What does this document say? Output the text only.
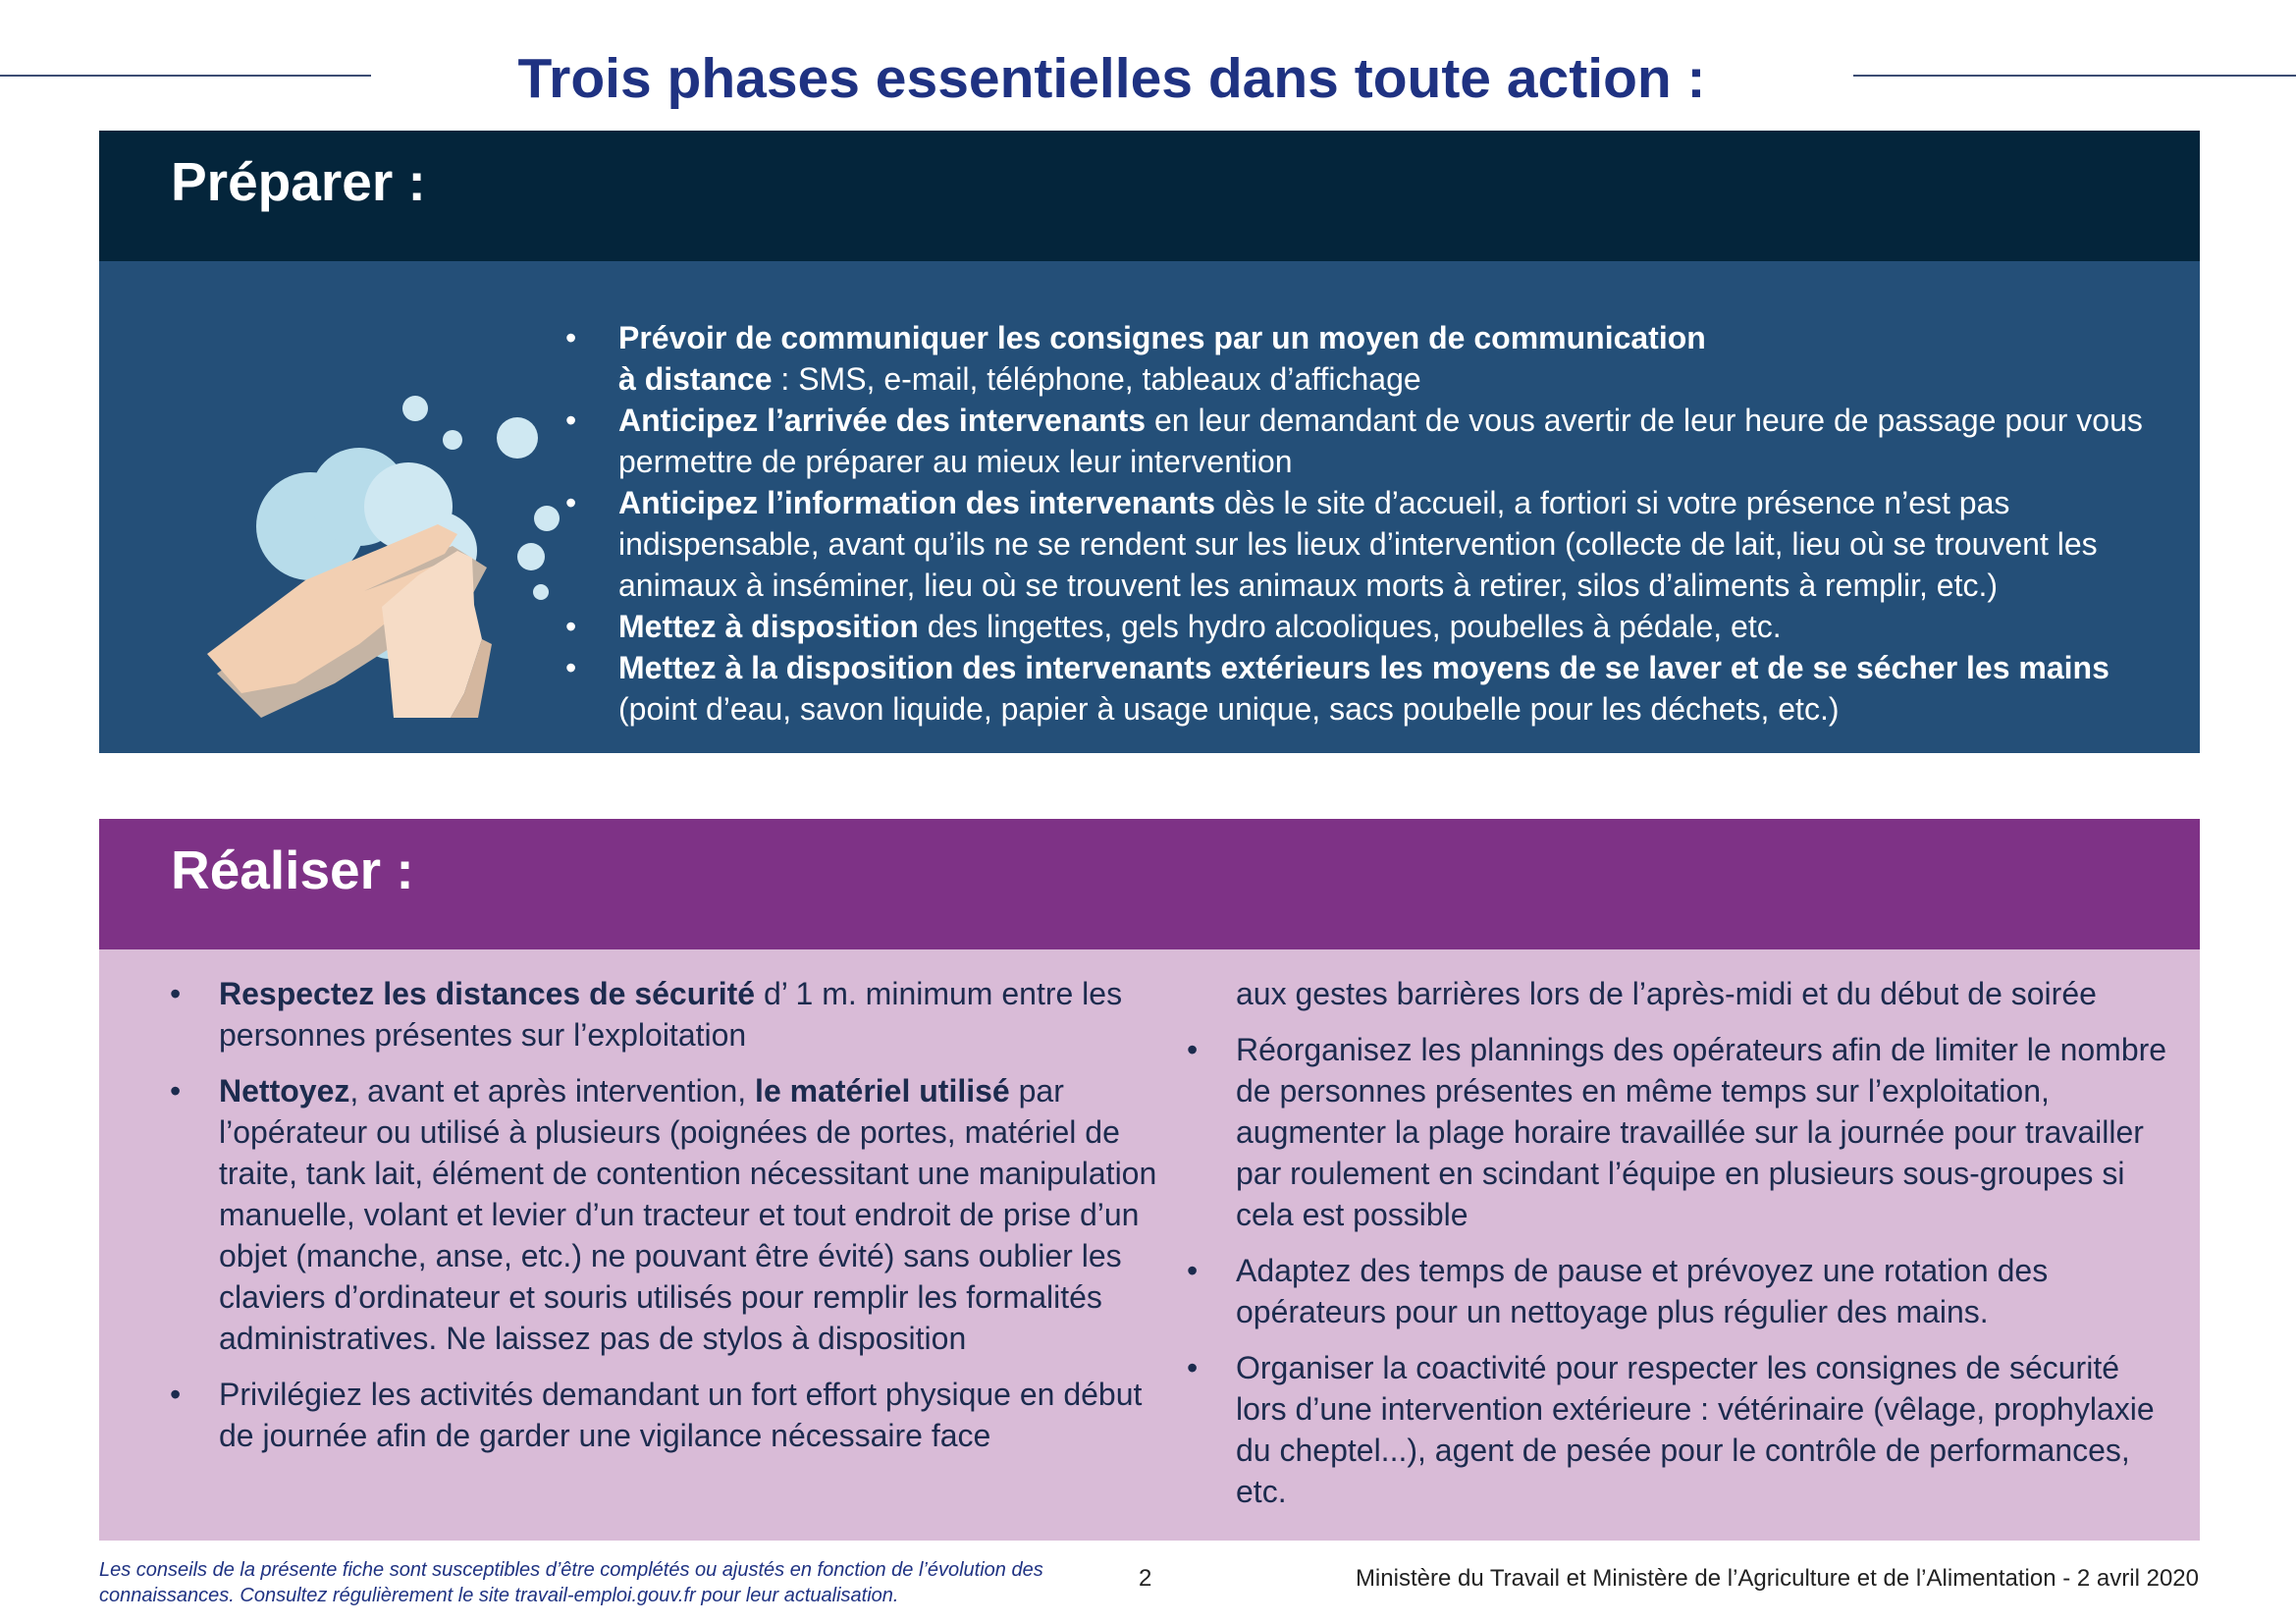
Trois phases essentielles dans toute action :
Préparer :
• Prévoir de communiquer les consignes par un moyen de communication
à distance : SMS, e-mail, téléphone, tableaux d’affichage
• Anticipez l’arrivée des intervenants en leur demandant de vous avertir de leur heure de passage pour vous permettre de préparer au mieux leur intervention
• Anticipez l’information des intervenants dès le site d’accueil, a fortiori si votre présence n’est pas indispensable, avant qu’ils ne se rendent sur les lieux d’intervention (collecte de lait, lieu où se trouvent les animaux à inséminer, lieu où se trouvent les animaux morts à retirer, silos d’aliments à remplir, etc.)
• Mettez à disposition des lingettes, gels hydro alcooliques, poubelles à pédale, etc.
• Mettez à la disposition des intervenants extérieurs les moyens de se laver et de se sécher les mains (point d’eau, savon liquide, papier à usage unique, sacs poubelle pour les déchets, etc.)
Réaliser :
• Respectez les distances de sécurité d’ 1 m. minimum entre les personnes présentes sur l’exploitation
• Nettoyez, avant et après intervention, le matériel utilisé par l’opérateur ou utilisé à plusieurs (poignées de portes, matériel de traite, tank lait, élément de contention nécessitant une manipulation manuelle, volant et levier d’un tracteur et tout endroit de prise d’un objet (manche, anse, etc.) ne pouvant être évité) sans oublier les claviers d’ordinateur et souris utilisés pour remplir les formalités administratives. Ne laissez pas de stylos à disposition
• Privilégiez les activités demandant un fort effort physique en début de journée afin de garder une vigilance nécessaire face
aux gestes barrières lors de l’après-midi et du début de soirée
• Réorganisez les plannings des opérateurs afin de limiter le nombre de personnes présentes en même temps sur l’exploitation, augmenter la plage horaire travaillée sur la journée pour travailler par roulement en scindant l’équipe en plusieurs sous-groupes si cela est possible
• Adaptez des temps de pause et prévoyez une rotation des opérateurs pour un nettoyage plus régulier des mains.
• Organiser la coactivité pour respecter les consignes de sécurité lors d’une intervention extérieure : vétérinaire (vêlage, prophylaxie du cheptel...), agent de pesée pour le contrôle de performances, etc.
Les conseils de la présente fiche sont susceptibles d’être complétés ou ajustés en fonction de l’évolution des connaissances. Consultez régulièrement le site travail-emploi.gouv.fr pour leur actualisation.
2	Ministère du Travail et Ministère de l’Agriculture et de l’Alimentation - 2 avril 2020
